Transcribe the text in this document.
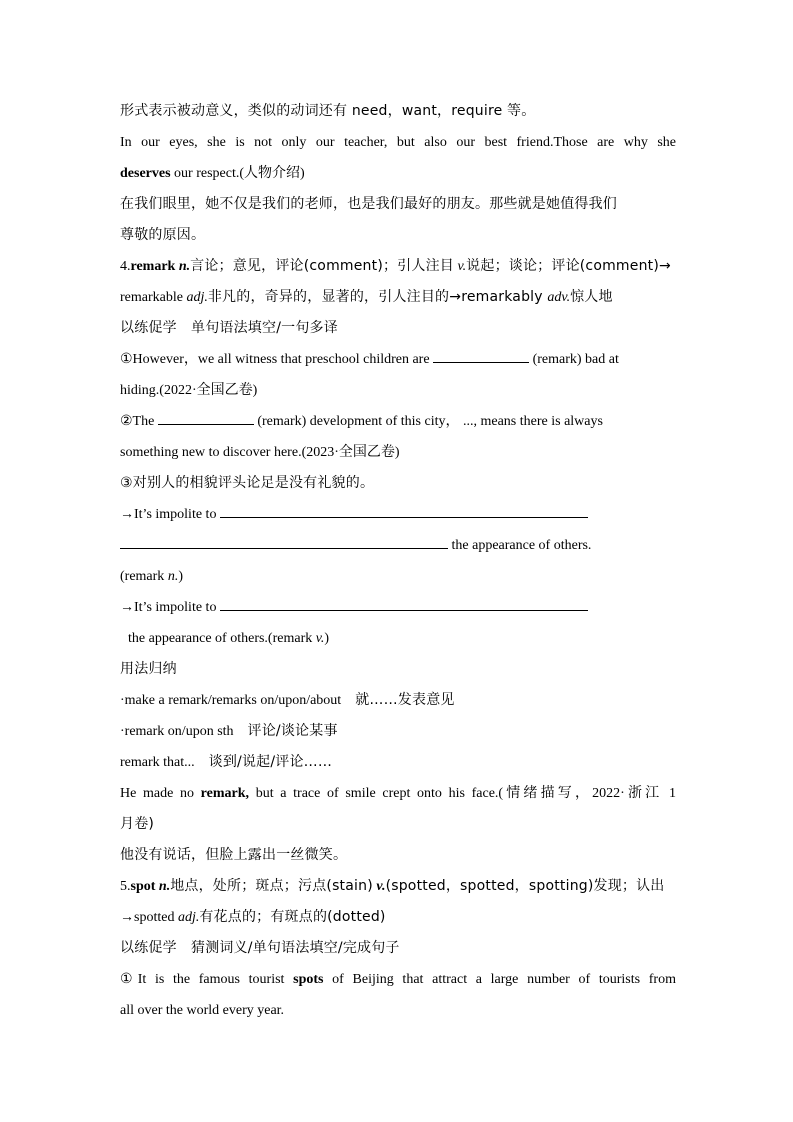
形式表示被动意义，类似的动词还有 need，want，require 等。
In our eyes, she is not only our teacher, but also our best friend.Those are why she
deserves our respect.(人物介绍)
在我们眼里，她不仅是我们的老师，也是我们最好的朋友。那些就是她值得我们
尊敬的原因。
4.remark n.言论；意见，评论(comment)；引人注目 v.说起；谈论；评论(comment)→
remarkable adj.非凡的，奇异的，显著的，引人注目的→remarkably adv.惊人地
以练促学　单句语法填空/一句多译
①However，we all witness that preschool children are	(remark) bad at
hiding.(2022·全国乙卷)
②The	(remark) development of this city， ..., means there is always
something new to discover here.(2023·全国乙卷)
③对别人的相貌评头论足是没有礼貌的。
→It’s impolite to
the appearance of others.
(remark n.)
→It’s impolite to
the appearance of others.(remark v.)
用法归纳
·make a remark/remarks on/upon/about　 就……发表意见
·remark on/upon sth　 评论/谈论某事
remark that...　 谈到/说起/评论……
He made no remark, but a trace of smile crept onto his face.(情绪描写，2022·浙江 1
月卷)
他没有说话，但脸上露出一丝微笑。
5.spot n.地点，处所；斑点；污点(stain) v.(spotted，spotted，spotting)发现；认出
→spotted adj.有花点的；有斑点的(dotted)
以练促学　猜测词义/单句语法填空/完成句子
①It is the famous tourist spots of Beijing that attract a large number of tourists from
all over the world every year.
